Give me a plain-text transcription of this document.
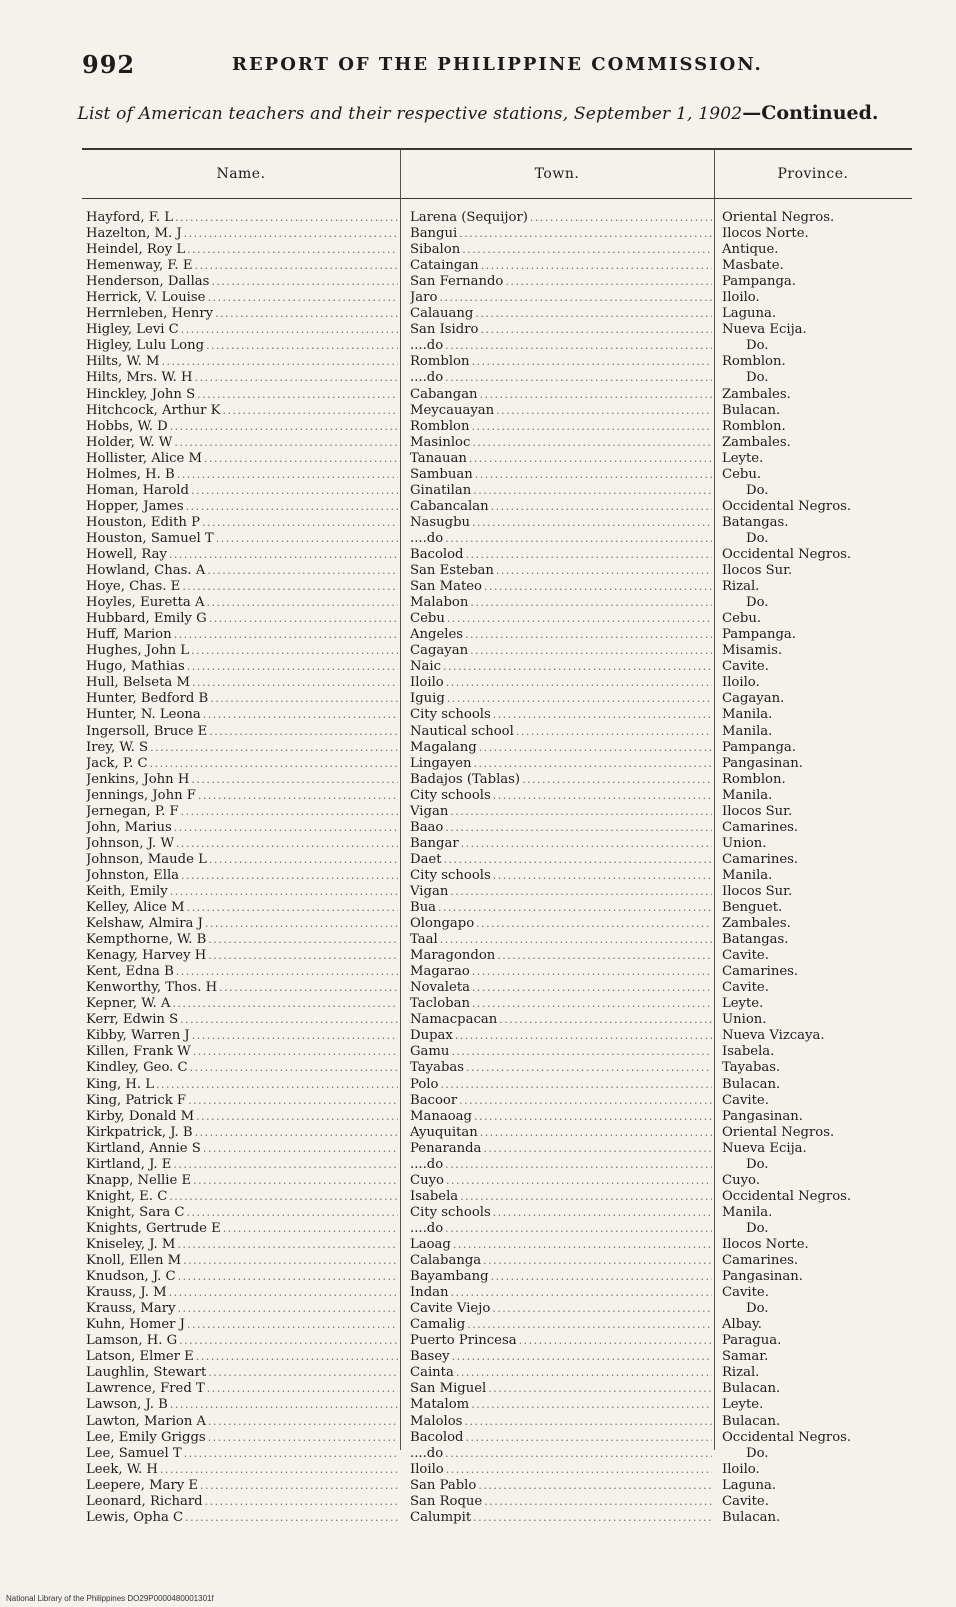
992	REPORT OF THE PHILIPPINE COMMISSION.
List of American teachers and their respective stations, September 1, 1902—Continued.
Name.	Town.	Province.
Hayford, F. L .....	Larena (Sequijor) .....	Oriental Negros.
Hazelton, M. J .....	Bangui .....	Ilocos Norte.
Heindel, Roy L .....	Sibalon .....	Antique.
Hemenway, F. E .....	Cataingan .....	Masbate.
Henderson, Dallas .....	San Fernando .....	Pampanga.
Herrick, V. Louise .....	Jaro .....	Iloilo.
Herrnleben, Henry .....	Calauang .....	Laguna.
Higley, Levi C .....	San Isidro .....	Nueva Ecija.
Higley, Lulu Long .....	....do .....	Do.
Hilts, W. M .....	Romblon .....	Romblon.
Hilts, Mrs. W. H .....	....do .....	Do.
Hinckley, John S .....	Cabangan .....	Zambales.
Hitchcock, Arthur K .....	Meycauayan .....	Bulacan.
Hobbs, W. D .....	Romblon .....	Romblon.
Holder, W. W .....	Masinloc .....	Zambales.
Hollister, Alice M .....	Tanauan .....	Leyte.
Holmes, H. B .....	Sambuan .....	Cebu.
Homan, Harold .....	Ginatilan .....	Do.
Hopper, James .....	Cabancalan .....	Occidental Negros.
Houston, Edith P .....	Nasugbu .....	Batangas.
Houston, Samuel T .....	....do .....	Do.
Howell, Ray .....	Bacolod .....	Occidental Negros.
Howland, Chas. A .....	San Esteban .....	Ilocos Sur.
Hoye, Chas. E .....	San Mateo .....	Rizal.
Hoyles, Euretta A .....	Malabon .....	Do.
Hubbard, Emily G .....	Cebu .....	Cebu.
Huff, Marion .....	Angeles .....	Pampanga.
Hughes, John L .....	Cagayan .....	Misamis.
Hugo, Mathias .....	Naic .....	Cavite.
Hull, Belseta M .....	Iloilo .....	Iloilo.
Hunter, Bedford B .....	Iguig .....	Cagayan.
Hunter, N. Leona .....	City schools .....	Manila.
Ingersoll, Bruce E .....	Nautical school .....	Manila.
Irey, W. S .....	Magalang .....	Pampanga.
Jack, P. C .....	Lingayen .....	Pangasinan.
Jenkins, John H .....	Badajos (Tablas) .....	Romblon.
Jennings, John F .....	City schools .....	Manila.
Jernegan, P. F .....	Vigan .....	Ilocos Sur.
John, Marius .....	Baao .....	Camarines.
Johnson, J. W .....	Bangar .....	Union.
Johnson, Maude L .....	Daet .....	Camarines.
Johnston, Ella .....	City schools .....	Manila.
Keith, Emily .....	Vigan .....	Ilocos Sur.
Kelley, Alice M .....	Bua .....	Benguet.
Kelshaw, Almira J .....	Olongapo .....	Zambales.
Kempthorne, W. B .....	Taal .....	Batangas.
Kenagy, Harvey H .....	Maragondon .....	Cavite.
Kent, Edna B .....	Magarao .....	Camarines.
Kenworthy, Thos. H .....	Novaleta .....	Cavite.
Kepner, W. A .....	Tacloban .....	Leyte.
Kerr, Edwin S .....	Namacpacan .....	Union.
Kibby, Warren J .....	Dupax .....	Nueva Vizcaya.
Killen, Frank W .....	Gamu .....	Isabela.
Kindley, Geo. C .....	Tayabas .....	Tayabas.
King, H. L .....	Polo .....	Bulacan.
King, Patrick F .....	Bacoor .....	Cavite.
Kirby, Donald M .....	Manaoag .....	Pangasinan.
Kirkpatrick, J. B .....	Ayuquitan .....	Oriental Negros.
Kirtland, Annie S .....	Penaranda .....	Nueva Ecija.
Kirtland, J. E .....	....do .....	Do.
Knapp, Nellie E .....	Cuyo .....	Cuyo.
Knight, E. C .....	Isabela .....	Occidental Negros.
Knight, Sara C .....	City schools .....	Manila.
Knights, Gertrude E .....	....do .....	Do.
Kniseley, J. M .....	Laoag .....	Ilocos Norte.
Knoll, Ellen M .....	Calabanga .....	Camarines.
Knudson, J. C .....	Bayambang .....	Pangasinan.
Krauss, J. M .....	Indan .....	Cavite.
Krauss, Mary .....	Cavite Viejo .....	Do.
Kuhn, Homer J .....	Camalig .....	Albay.
Lamson, H. G .....	Puerto Princesa .....	Paragua.
Latson, Elmer E .....	Basey .....	Samar.
Laughlin, Stewart .....	Cainta .....	Rizal.
Lawrence, Fred T .....	San Miguel .....	Bulacan.
Lawson, J. B .....	Matalom .....	Leyte.
Lawton, Marion A .....	Malolos .....	Bulacan.
Lee, Emily Griggs .....	Bacolod .....	Occidental Negros.
Lee, Samuel T .....	....do .....	Do.
Leek, W. H .....	Iloilo .....	Iloilo.
Leepere, Mary E .....	San Pablo .....	Laguna.
Leonard, Richard .....	San Roque .....	Cavite.
Lewis, Opha C .....	Calumpit .....	Bulacan.
National Library of the Philippines DO29P0000480001301f
